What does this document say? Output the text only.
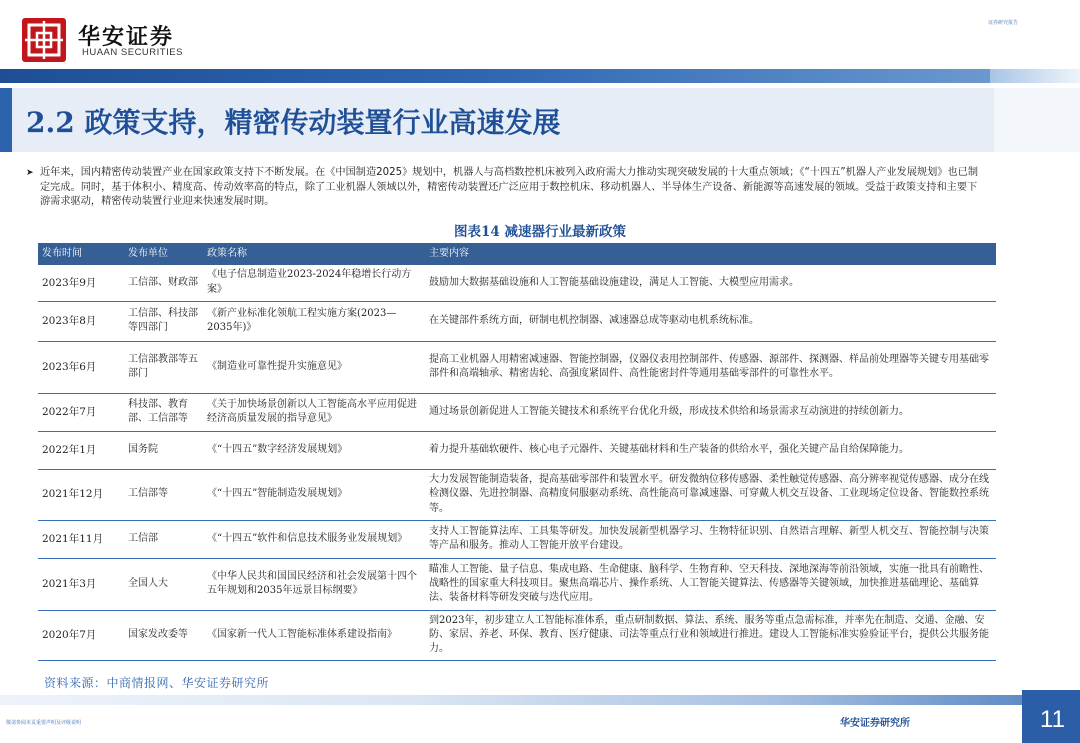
华安证券
HUAAN SECURITIES
证券研究报告
2.2 政策支持，精密传动装置行业高速发展
➤ 近年来，国内精密传动装置产业在国家政策支持下不断发展。在《中国制造2025》规划中，机器人与高档数控机床被列入政府需大力推动实现突破发展的十大重点领域；《“十四五”机器人产业发展规划》也已制定完成。同时，基于体积小、精度高、传动效率高的特点，除了工业机器人领域以外，精密传动装置还广泛应用于数控机床、移动机器人、半导体生产设备、新能源等高速发展的领域。受益于政策支持和主要下游需求驱动，精密传动装置行业迎来快速发展时期。

图表14 减速器行业最新政策
发布时间	发布单位	政策名称	主要内容
2023年9月	工信部、财政部	《电子信息制造业2023-2024年稳增长行动方案》	鼓励加大数据基础设施和人工智能基础设施建设，满足人工智能、大模型应用需求。
2023年8月	工信部、科技部等四部门	《新产业标准化领航工程实施方案(2023—2035年)》	在关键部件系统方面，研制电机控制器、减速器总成等驱动电机系统标准。
2023年6月	工信部教部等五部门	《制造业可靠性提升实施意见》	提高工业机器人用精密减速器、智能控制器，仪器仪表用控制部件、传感器、源部件、探测器、样品前处理器等关键专用基础零部件和高端轴承、精密齿轮、高强度紧固件、高性能密封件等通用基础零部件的可靠性水平。
2022年7月	科技部、教育部、工信部等	《关于加快场景创新以人工智能高水平应用促进经济高质量发展的指导意见》	通过场景创新促进人工智能关键技术和系统平台优化升级，形成技术供给和场景需求互动演进的持续创新力。
2022年1月	国务院	《“十四五”数字经济发展规划》	着力提升基础软硬件、核心电子元器件、关键基础材料和生产装备的供给水平，强化关键产品自给保障能力。
2021年12月	工信部等	《“十四五”智能制造发展规划》	大力发展智能制造装备，提高基础零部件和装置水平。研发微纳位移传感器、柔性触觉传感器、高分辨率视觉传感器、成分在线检测仪器、先进控制器、高精度伺服驱动系统、高性能高可靠减速器、可穿戴人机交互设备、工业现场定位设备、智能数控系统等。
2021年11月	工信部	《“十四五”软件和信息技术服务业发展规划》	支持人工智能算法库、工具集等研发。加快发展新型机器学习、生物特征识别、自然语言理解、新型人机交互、智能控制与决策等产品和服务。推动人工智能开放平台建设。
2021年3月	全国人大	《中华人民共和国国民经济和社会发展第十四个五年规划和2035年远景目标纲要》	瞄准人工智能、量子信息、集成电路、生命健康、脑科学、生物育种、空天科技、深地深海等前沿领域，实施一批具有前瞻性、战略性的国家重大科技项目。聚焦高端芯片、操作系统、人工智能关键算法、传感器等关键领域，加快推进基础理论、基础算法、装备材料等研发突破与迭代应用。
2020年7月	国家发改委等	《国家新一代人工智能标准体系建设指南》	到2023年，初步建立人工智能标准体系，重点研制数据、算法、系统、服务等重点急需标准，并率先在制造、交通、金融、安防、家居、养老、环保、教育、医疗健康、司法等重点行业和领域进行推进。建设人工智能标准实验验证平台，提供公共服务能力。
资料来源：中商情报网、华安证券研究所
11
敬请参阅末页重要声明及评级说明	华安证券研究所
